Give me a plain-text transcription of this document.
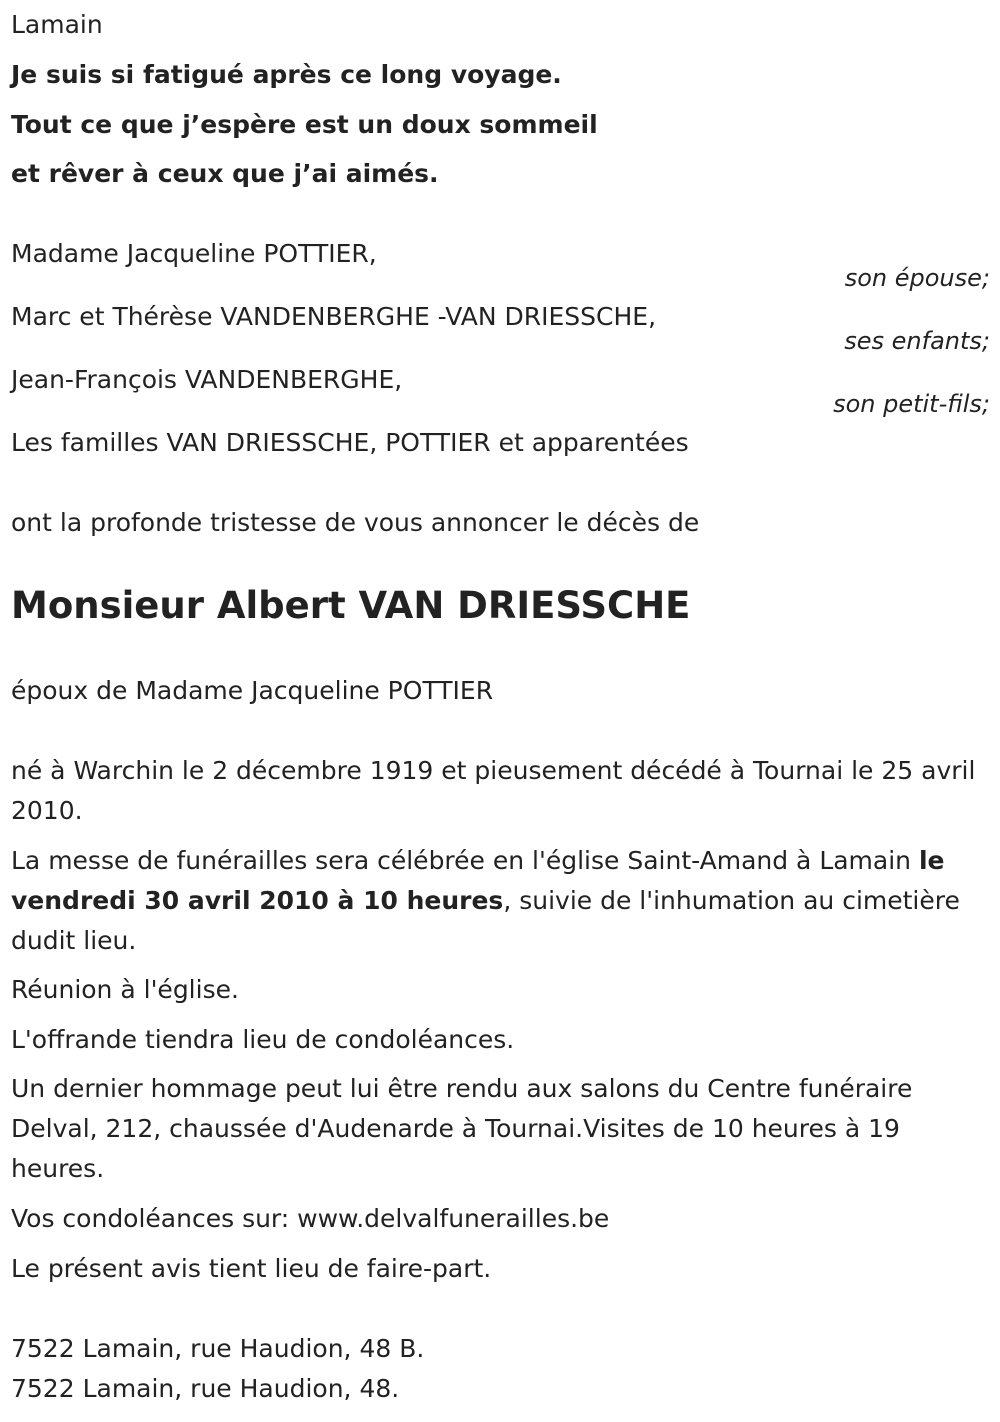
Lamain
Je suis si fatigué après ce long voyage.
Tout ce que j’espère est un doux sommeil
et rêver à ceux que j’ai aimés.
Madame Jacqueline POTTIER,
son épouse;
Marc et Thérèse VANDENBERGHE -VAN DRIESSCHE,
ses enfants;
Jean-François VANDENBERGHE,
son petit-fils;
Les familles VAN DRIESSCHE, POTTIER et apparentées
ont la profonde tristesse de vous annoncer le décès de
Monsieur Albert VAN DRIESSCHE
époux de Madame Jacqueline POTTIER
né à Warchin le 2 décembre 1919 et pieusement décédé à Tournai le 25 avril 2010.
La messe de funérailles sera célébrée en l'église Saint-Amand à Lamain le vendredi 30 avril 2010 à 10 heures, suivie de l'inhumation au cimetière dudit lieu.
Réunion à l'église.
L'offrande tiendra lieu de condoléances.
Un dernier hommage peut lui être rendu aux salons du Centre funéraire Delval, 212, chaussée d'Audenarde à Tournai.Visites de 10 heures à 19 heures.
Vos condoléances sur: www.delvalfunerailles.be
Le présent avis tient lieu de faire-part.
7522 Lamain, rue Haudion, 48 B.
7522 Lamain, rue Haudion, 48.
